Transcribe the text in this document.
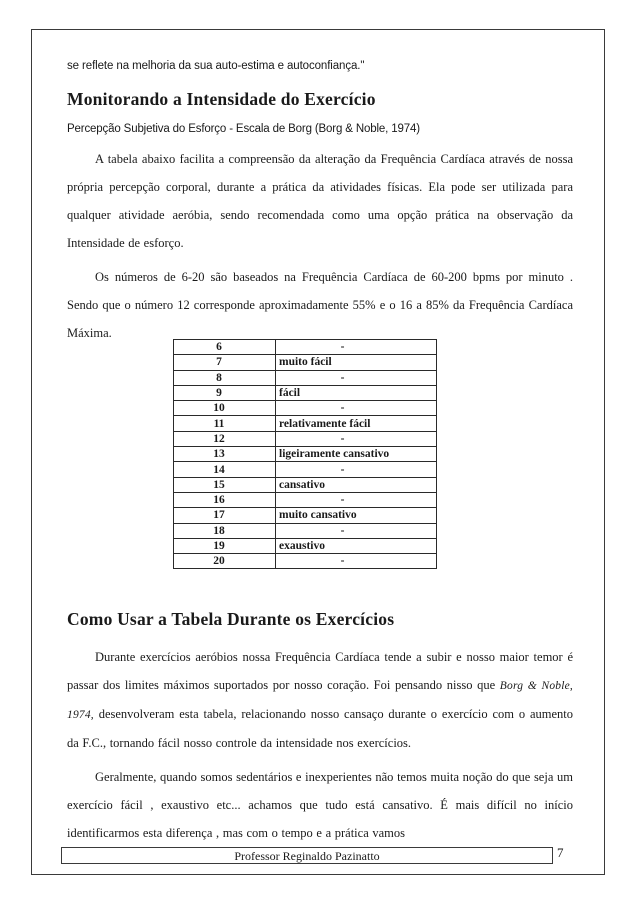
se reflete na melhoria da sua auto-estima e autoconfiança."

Monitorando a Intensidade do Exercício

Percepção Subjetiva do Esforço - Escala de Borg (Borg & Noble, 1974)

A tabela abaixo facilita a compreensão da alteração da Frequência Cardíaca através de nossa própria percepção corporal, durante a prática da atividades físicas. Ela pode ser utilizada para qualquer atividade aeróbia, sendo recomendada como uma opção prática na observação da Intensidade de esforço.

Os números de 6-20 são baseados na Frequência Cardíaca de 60-200 bpms por minuto . Sendo que o número 12 corresponde aproximadamente 55% e o 16 a 85% da Frequência Cardíaca Máxima.

6	-
7	muito fácil
8	-
9	fácil
10	-
11	relativamente fácil
12	-
13	ligeiramente cansativo
14	-
15	cansativo
16	-
17	muito cansativo
18	-
19	exaustivo
20	-
Como Usar a Tabela Durante os Exercícios

Durante exercícios aeróbios nossa Frequência Cardíaca tende a subir e nosso maior temor é passar dos limites máximos suportados por nosso coração. Foi pensando nisso que Borg & Noble, 1974, desenvolveram esta tabela, relacionando nosso cansaço durante o exercício com o aumento da F.C., tornando fácil nosso controle da intensidade nos exercícios.

Geralmente, quando somos sedentários e inexperientes não temos muita noção do que seja um exercício fácil , exaustivo etc... achamos que tudo está cansativo. É mais difícil no início identificarmos esta diferença , mas com o tempo e a prática vamos

Professor Reginaldo Pazinatto	7
